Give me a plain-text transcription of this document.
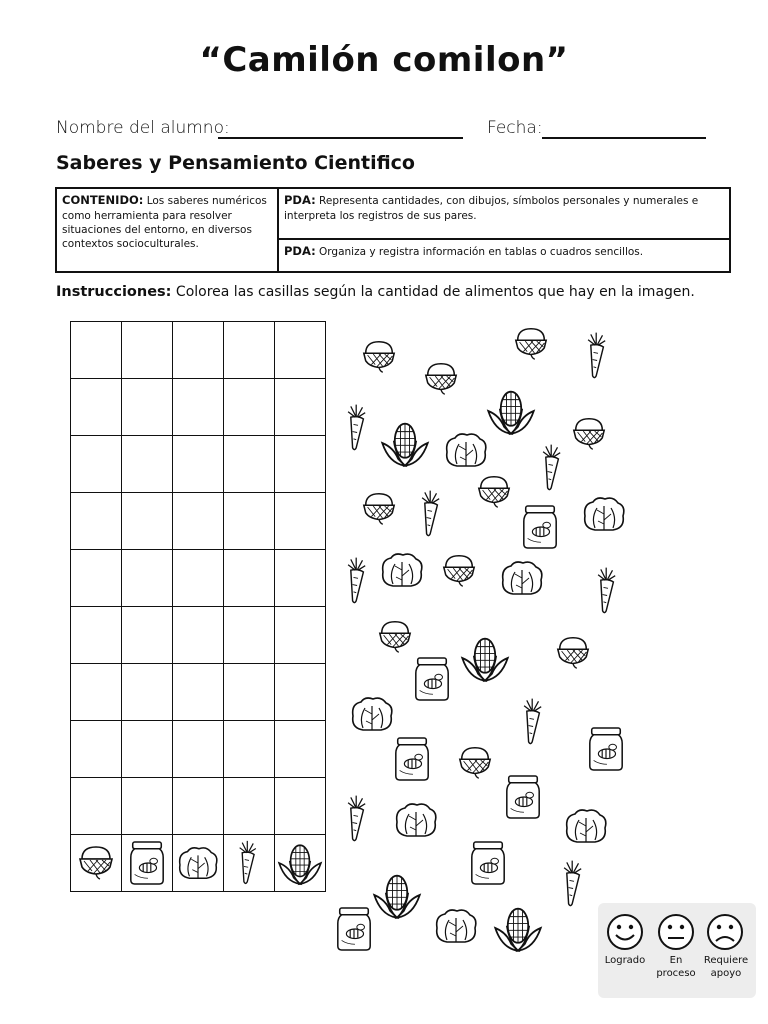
“Camilón comilon”
Nombre del alumno:	Fecha:
Saberes y Pensamiento Cientifico
CONTENIDO: Los saberes numéricos como herramienta para resolver situaciones del entorno, en diversos contextos socioculturales.	PDA: Representa cantidades, con dibujos, símbolos personales y numerales e interpreta los registros de sus pares.
PDA: Organiza y registra información en tablas o cuadros sencillos.
Instrucciones: Colorea las casillas según la cantidad de alimentos que hay en la imagen.
Logrado	En proceso
Requiere apoyo
